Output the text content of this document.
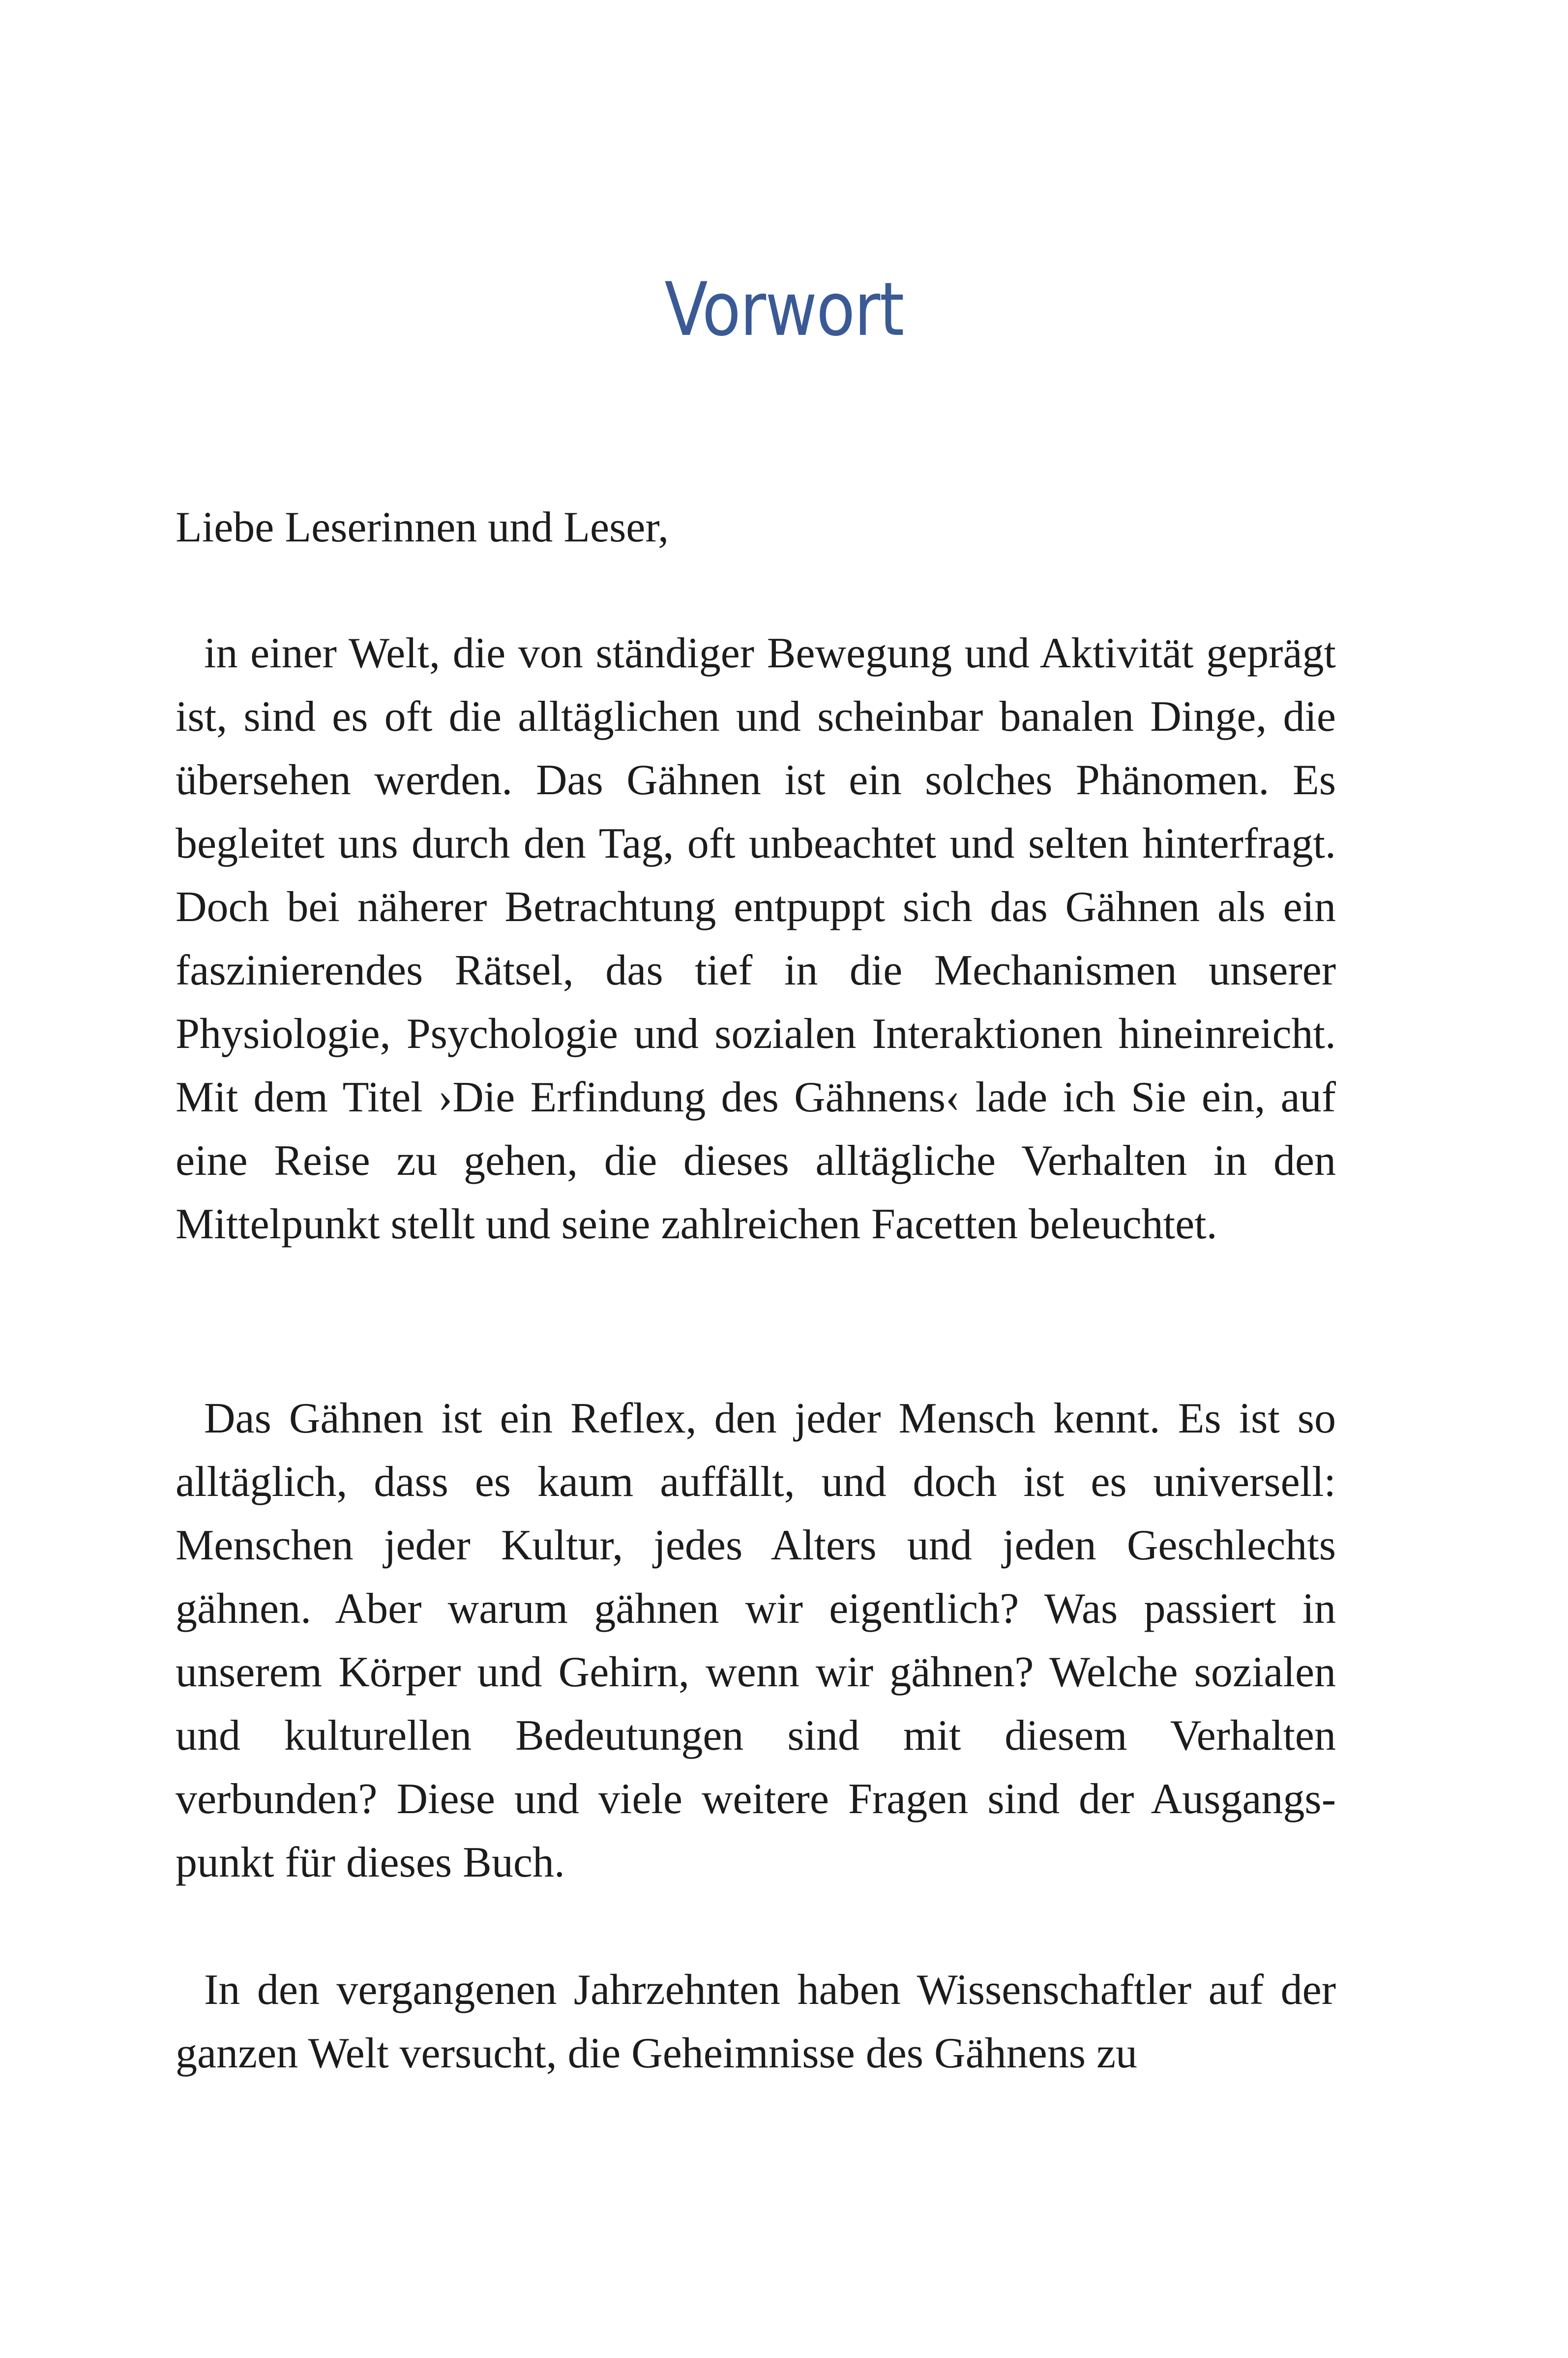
Vorwort

Liebe Leserinnen und Leser,

in einer Welt, die von ständiger Bewegung und Aktivität geprägt ist, sind es oft die alltäglichen und scheinbar banalen Dinge, die übersehen werden. Das Gähnen ist ein solches Phänomen. Es begleitet uns durch den Tag, oft unbeachtet und selten hinterfragt. Doch bei näherer Betrachtung entpuppt sich das Gähnen als ein faszinierendes Rätsel, das tief in die Mechanismen unserer Physiologie, Psychologie und sozialen Interaktionen hineinreicht. Mit dem Titel ›Die Erfindung des Gähnens‹ lade ich Sie ein, auf eine Reise zu gehen, die dieses alltägliche Verhalten in den Mittelpunkt stellt und seine zahlreichen Facetten beleuchtet.

Das Gähnen ist ein Reflex, den jeder Mensch kennt. Es ist so alltäglich, dass es kaum auffällt, und doch ist es universell: Menschen jeder Kultur, jedes Alters und jeden Geschlechts gähnen. Aber warum gähnen wir eigentlich? Was passiert in unserem Körper und Gehirn, wenn wir gähnen? Welche sozialen und kulturellen Bedeutungen sind mit diesem Verhalten verbunden? Diese und viele weitere Fragen sind der Ausgangspunkt für dieses Buch.

In den vergangenen Jahrzehnten haben Wissenschaftler auf der ganzen Welt versucht, die Geheimnisse des Gähnens zu
